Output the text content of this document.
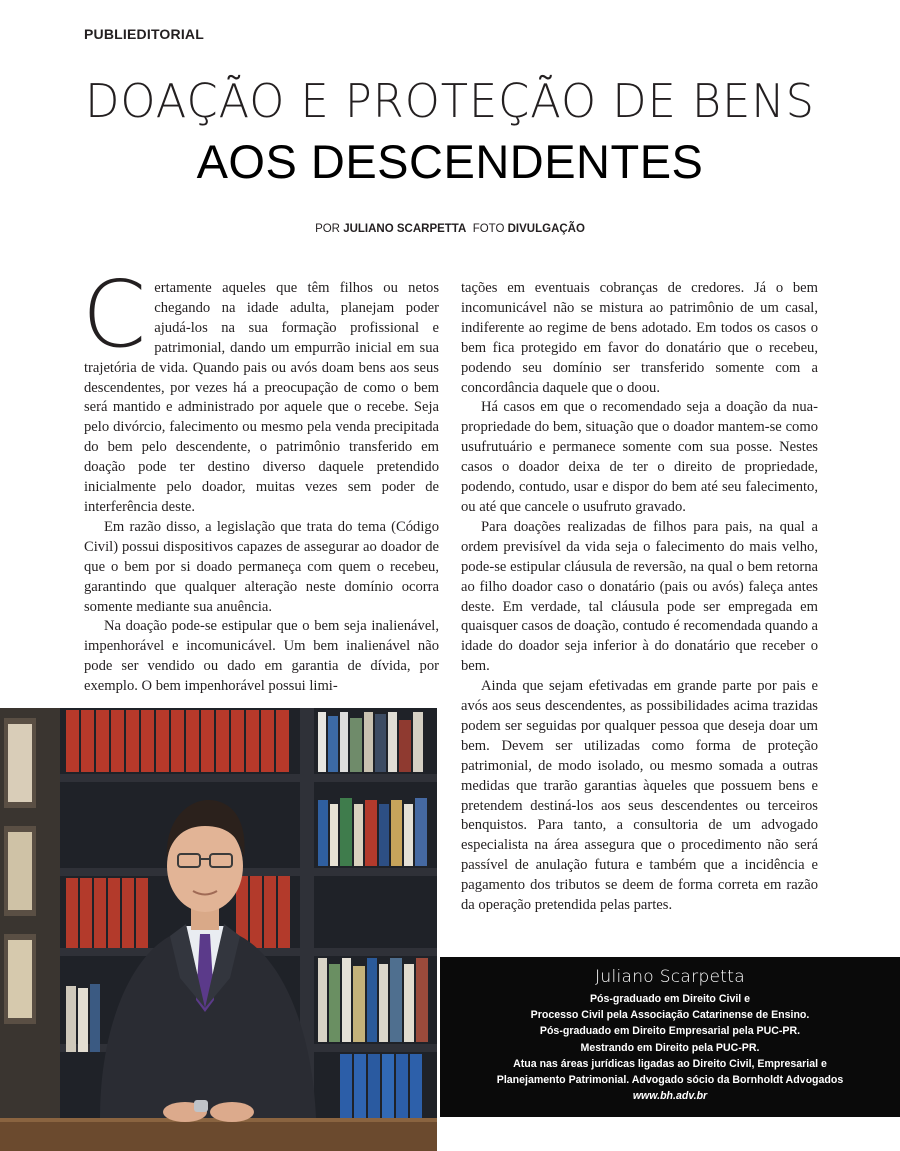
PUBLIEDITORIAL
DOAÇÃO E PROTEÇÃO DE BENS
AOS DESCENDENTES
POR JULIANO SCARPETTA FOTO DIVULGAÇÃO

Certamente aqueles que têm filhos ou netos chegando na idade adulta, planejam poder ajudá-los na sua formação profissional e patrimonial, dando um empurrão inicial em sua trajetória de vida. Quando pais ou avós doam bens aos seus descendentes, por vezes há a preocupação de como o bem será mantido e administrado por aquele que o recebe. Seja pelo divórcio, falecimento ou mesmo pela venda precipitada do bem pelo descendente, o patrimônio transferido em doação pode ter destino diverso daquele pretendido inicialmente pelo doador, muitas vezes sem poder de interferência deste.

Em razão disso, a legislação que trata do tema (Código Civil) possui dispositivos capazes de assegurar ao doador de que o bem por si doado permaneça com quem o recebeu, garantindo que qualquer alteração neste domínio ocorra somente mediante sua anuência.

Na doação pode-se estipular que o bem seja inalienável, impenhorável e incomunicável. Um bem inalienável não pode ser vendido ou dado em garantia de dívida, por exemplo. O bem impenhorável possui limi-

tações em eventuais cobranças de credores. Já o bem incomunicável não se mistura ao patrimônio de um casal, indiferente ao regime de bens adotado. Em todos os casos o bem fica protegido em favor do donatário que o recebeu, podendo seu domínio ser transferido somente com a concordância daquele que o doou.

Há casos em que o recomendado seja a doação da nua-propriedade do bem, situação que o doador mantem-se como usufrutuário e permanece somente com sua posse. Nestes casos o doador deixa de ter o direito de propriedade, podendo, contudo, usar e dispor do bem até seu falecimento, ou até que cancele o usufruto gravado.

Para doações realizadas de filhos para pais, na qual a ordem previsível da vida seja o falecimento do mais velho, pode-se estipular cláusula de reversão, na qual o bem retorna ao filho doador caso o donatário (pais ou avós) faleça antes deste. Em verdade, tal cláusula pode ser empregada em quaisquer casos de doação, contudo é recomendada quando a idade do doador seja inferior à do donatário que receber o bem.

Ainda que sejam efetivadas em grande parte por pais e avós aos seus descendentes, as possibilidades acima trazidas podem ser seguidas por qualquer pessoa que deseja doar um bem. Devem ser utilizadas como forma de proteção patrimonial, de modo isolado, ou mesmo somada a outras medidas que trarão garantias àqueles que possuem bens e pretendem destiná-los aos seus descendentes ou terceiros benquistos. Para tanto, a consultoria de um advogado especialista na área assegura que o procedimento não será passível de anulação futura e também que a incidência e pagamento dos tributos se deem de forma correta em razão da operação pretendida pelas partes.

Juliano Scarpetta
Pós-graduado em Direito Civil e
Processo Civil pela Associação Catarinense de Ensino.
Pós-graduado em Direito Empresarial pela PUC-PR.
Mestrando em Direito pela PUC-PR.
Atua nas áreas jurídicas ligadas ao Direito Civil, Empresarial e
Planejamento Patrimonial. Advogado sócio da Bornholdt Advogados
www.bh.adv.br
